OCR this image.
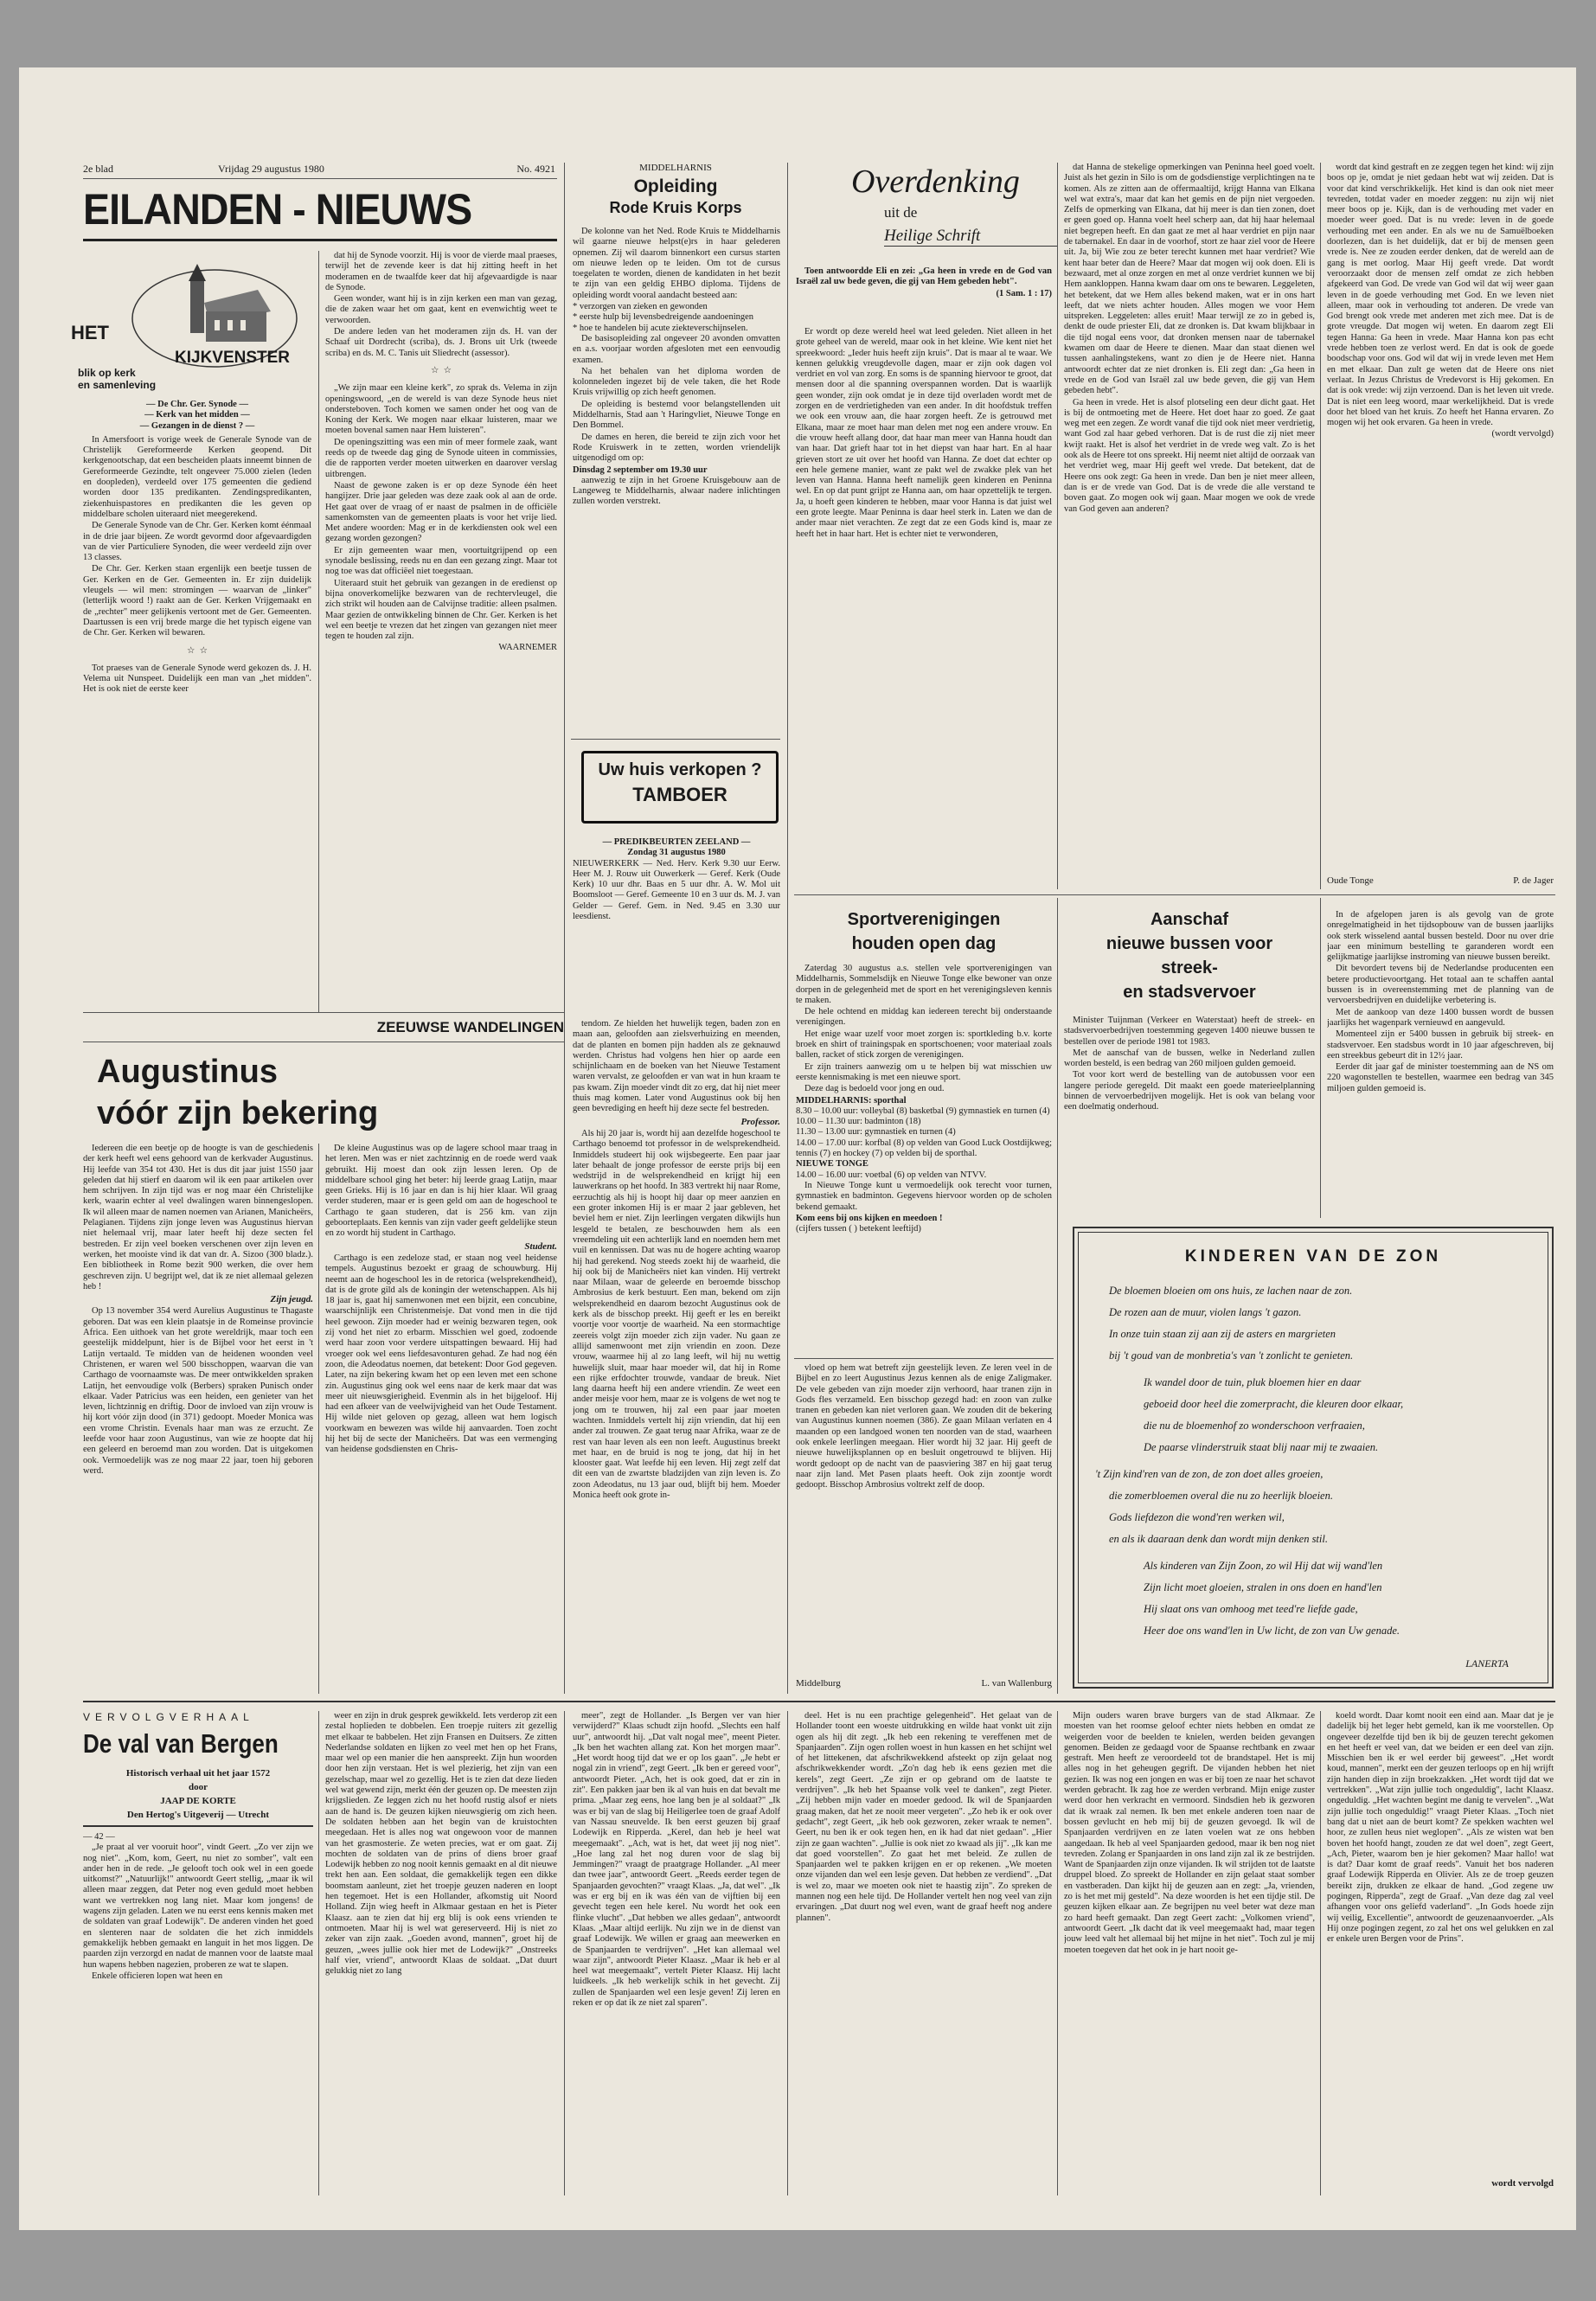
2e blad	Vrijdag 29 augustus 1980	No. 4921
EILANDEN - NIEUWS
HET
KIJKVENSTER
blik op kerk
en samenleving
— De Chr. Ger. Synode —
— Kerk van het midden —
— Gezangen in de dienst ? —

In Amersfoort is vorige week de Generale Synode van de Christelijk Gereformeerde Kerken geopend. Dit kerkgenootschap, dat een bescheiden plaats inneemt binnen de Gereformeerde Gezindte, telt ongeveer 75.000 zielen (leden en doopleden), verdeeld over 175 gemeenten die gediend worden door 135 predikanten. Zendingspredikanten, ziekenhuispastores en predikanten die les geven op middelbare scholen uiteraard niet meegerekend.

De Generale Synode van de Chr. Ger. Kerken komt éénmaal in de drie jaar bijeen. Ze wordt gevormd door afgevaardigden van de vier Particuliere Synoden, die weer verdeeld zijn over 13 classes.

De Chr. Ger. Kerken staan ergenlijk een beetje tussen de Ger. Kerken en de Ger. Gemeenten in. Er zijn duidelijk vleugels — wil men: stromingen — waarvan de „linker" (letterlijk woord !) raakt aan de Ger. Kerken Vrijgemaakt en de „rechter" meer gelijkenis vertoont met de Ger. Gemeenten. Daartussen is een vrij brede marge die het typisch eigene van de Chr. Ger. Kerken wil bewaren.

☆  ☆

Tot praeses van de Generale Synode werd gekozen ds. J. H. Velema uit Nunspeet. Duidelijk een man van „het midden". Het is ook niet de eerste keer

dat hij de Synode voorzit. Hij is voor de vierde maal praeses, terwijl het de zevende keer is dat hij zitting heeft in het moderamen en de twaalfde keer dat hij afgevaardigde is naar de Synode.

Geen wonder, want hij is in zijn kerken een man van gezag, die de zaken waar het om gaat, kent en evenwichtig weet te verwoorden.

De andere leden van het moderamen zijn ds. H. van der Schaaf uit Dordrecht (scriba), ds. J. Brons uit Urk (tweede scriba) en ds. M. C. Tanis uit Sliedrecht (assessor).

☆  ☆

„We zijn maar een kleine kerk", zo sprak ds. Velema in zijn openingswoord, „en de wereld is van deze Synode heus niet ondersteboven. Toch komen we samen onder het oog van de Koning der Kerk. We mogen naar elkaar luisteren, maar we moeten bovenal samen naar Hem luisteren".

De openingszitting was een min of meer formele zaak, want reeds op de tweede dag ging de Synode uiteen in commissies, die de rapporten verder moeten uitwerken en daarover verslag uitbrengen.

Naast de gewone zaken is er op deze Synode één heet hangijzer. Drie jaar geleden was deze zaak ook al aan de orde. Het gaat over de vraag of er naast de psalmen in de officiële samenkomsten van de gemeenten plaats is voor het vrije lied. Met andere woorden: Mag er in de kerkdiensten ook wel een gezang worden gezongen?

Er zijn gemeenten waar men, voortuitgrijpend op een synodale beslissing, reeds nu en dan een gezang zingt. Maar tot nog toe was dat officiëel niet toegestaan.

Uiteraard stuit het gebruik van gezangen in de eredienst op bijna onoverkomelijke bezwaren van de rechtervleugel, die zich strikt wil houden aan de Calvijnse traditie: alleen psalmen. Maar gezien de ontwikkeling binnen de Chr. Ger. Kerken is het wel een beetje te vrezen dat het zingen van gezangen niet meer tegen te houden zal zijn.

WAARNEMER
MIDDELHARNIS
Opleiding
Rode Kruis Korps

De kolonne van het Ned. Rode Kruis te Middelharnis wil gaarne nieuwe helpst(e)rs in haar gelederen opnemen. Zij wil daarom binnenkort een cursus starten om nieuwe leden op te leiden. Om tot de cursus toegelaten te worden, dienen de kandidaten in het bezit te zijn van een geldig EHBO diploma. Tijdens de opleiding wordt vooral aandacht besteed aan:

* verzorgen van zieken en gewonden
* eerste hulp bij levensbedreigende aandoeningen
* hoe te handelen bij acute ziekteverschijnselen.

De basisopleiding zal ongeveer 20 avonden omvatten en a.s. voorjaar worden afgesloten met een eenvoudig examen.

Na het behalen van het diploma worden de kolonneleden ingezet bij de vele taken, die het Rode Kruis vrijwillig op zich heeft genomen.

De opleiding is bestemd voor belangstellenden uit Middelharnis, Stad aan 't Haringvliet, Nieuwe Tonge en Den Bommel.

De dames en heren, die bereid te zijn zich voor het Rode Kruiswerk in te zetten, worden vriendelijk uitgenodigd om op:

Dinsdag 2 september om 19.30 uur

aanwezig te zijn in het Groene Kruisgebouw aan de Langeweg te Middelharnis, alwaar nadere inlichtingen zullen worden verstrekt.

Uw huis verkopen ?
TAMBOER
— PREDIKBEURTEN ZEELAND —
Zondag 31 augustus 1980

NIEUWERKERK — Ned. Herv. Kerk 9.30 uur Eerw. Heer M. J. Rouw uit Ouwerkerk — Geref. Kerk (Oude Kerk) 10 uur dhr. Baas en 5 uur dhr. A. W. Mol uit Boomsloot — Geref. Gemeente 10 en 3 uur ds. M. J. van Gelder — Geref. Gem. in Ned. 9.45 en 3.30 uur leesdienst.

Overdenking
uit de
Heilige Schrift

Toen antwoordde Eli en zei: „Ga heen in vrede en de God van Israël zal uw bede geven, die gij van Hem gebeden hebt".

(1 Sam. 1 : 17)

Er wordt op deze wereld heel wat leed geleden. Niet alleen in het grote geheel van de wereld, maar ook in het kleine. Wie kent niet het spreekwoord: „Ieder huis heeft zijn kruis". Dat is maar al te waar. We kennen gelukkig vreugdevolle dagen, maar er zijn ook dagen vol verdriet en vol van zorg. En soms is de spanning hiervoor te groot, dat mensen door al die spanning overspannen worden. Dat is waarlijk geen wonder, zijn ook omdat je in deze tijd overladen wordt met de zorgen en de verdrietigheden van een ander. In dit hoofdstuk treffen we ook een vrouw aan, die haar zorgen heeft. Ze is getrouwd met Elkana, maar ze moet haar man delen met nog een andere vrouw. En die vrouw heeft allang door, dat haar man meer van Hanna houdt dan van haar. Dat grieft haar tot in het diepst van haar hart. En al haar grieven stort ze uit over het hoofd van Hanna. Ze doet dat echter op een hele gemene manier, want ze pakt wel de zwakke plek van het leven van Hanna. Hanna heeft namelijk geen kinderen en Peninna wel. En op dat punt grijpt ze Hanna aan, om haar opzettelijk te tergen. Ja, u hoeft geen kinderen te hebben, maar voor Hanna is dat juist wel een grote leegte. Maar Peninna is daar heel sterk in. Laten we dan de ander maar niet verachten. Ze zegt dat ze een Gods kind is, maar ze heeft het in haar hart. Het is echter niet te verwonderen,

dat Hanna de stekelige opmerkingen van Peninna heel goed voelt. Juist als het gezin in Silo is om de godsdienstige verplichtingen na te komen. Als ze zitten aan de offermaaltijd, krijgt Hanna van Elkana wel wat extra's, maar dat kan het gemis en de pijn niet vergoeden. Zelfs de opmerking van Elkana, dat hij meer is dan tien zonen, doet er geen goed op. Hanna voelt heel scherp aan, dat hij haar helemaal niet begrepen heeft. En dan gaat ze met al haar verdriet en pijn naar de tabernakel. En daar in de voorhof, stort ze haar ziel voor de Heere uit. Ja, bij Wie zou ze beter terecht kunnen met haar verdriet? Wie kent haar beter dan de Heere? Maar dat mogen wij ook doen. Eli is bezwaard, met al onze zorgen en met al onze verdriet kunnen we bij Hem aankloppen. Hanna kwam daar om ons te bewaren. Leggeleten, het betekent, dat we Hem alles bekend maken, wat er in ons hart leeft, dat we niets achter houden. Alles mogen we voor Hem uitspreken. Leggeleten: alles eruit! Maar terwijl ze zo in gebed is, denkt de oude priester Eli, dat ze dronken is. Dat kwam blijkbaar in die tijd nogal eens voor, dat dronken mensen naar de tabernakel kwamen om daar de Heere te dienen. Maar dan staat dienen wel tussen aanhalingstekens, want zo dien je de Heere niet. Hanna antwoordt echter dat ze niet dronken is. Eli zegt dan: „Ga heen in vrede en de God van Israël zal uw bede geven, die gij van Hem gebeden hebt".

Ga heen in vrede. Het is alsof plotseling een deur dicht gaat. Het is bij de ontmoeting met de Heere. Het doet haar zo goed. Ze gaat weg met een zegen. Ze wordt vanaf die tijd ook niet meer verdrietig, want God zal haar gebed verhoren. Dat is de rust die zij niet meer kwijt raakt. Het is alsof het verdriet in de vrede weg valt. Zo is het ook als de Heere tot ons spreekt. Hij neemt niet altijd de oorzaak van het verdriet weg, maar Hij geeft wel vrede. Dat betekent, dat de Heere ons ook zegt: Ga heen in vrede. Dan ben je niet meer alleen, dan is er de vrede van God. Dat is de vrede die alle verstand te boven gaat. Zo mogen ook wij gaan. Maar mogen we ook de vrede van God geven aan anderen?

wordt dat kind gestraft en ze zeggen tegen het kind: wij zijn boos op je, omdat je niet gedaan hebt wat wij zeiden. Dat is voor dat kind verschrikkelijk. Het kind is dan ook niet meer tevreden, totdat vader en moeder zeggen: nu zijn wij niet meer boos op je. Kijk, dan is de verhouding met vader en moeder weer goed. Dat is nu vrede: leven in de goede verhouding met een ander. En als we nu de Samuëlboeken doorlezen, dan is het duidelijk, dat er bij de mensen geen vrede is. Nee ze zouden eerder denken, dat de wereld aan de gang is met oorlog. Maar Hij geeft vrede. Dat wordt veroorzaakt door de mensen zelf omdat ze zich hebben afgekeerd van God. De vrede van God wil dat wij weer gaan leven in de goede verhouding met God. En we leven niet alleen, maar ook in verhouding tot anderen. De vrede van God brengt ook vrede met anderen met zich mee. Dat is de grote vreugde. Dat mogen wij weten. En daarom zegt Eli tegen Hanna: Ga heen in vrede. Maar Hanna kon pas echt vrede hebben toen ze verlost werd. En dat is ook de goede boodschap voor ons. God wil dat wij in vrede leven met Hem en met elkaar. Dan zult ge weten dat de Heere ons niet verlaat. In Jezus Christus de Vredevorst is Hij gekomen. En dat is ook vrede: wij zijn verzoend. Dan is het leven uit vrede. Dat is niet een leeg woord, maar werkelijkheid. Dat is vrede door het bloed van het kruis. Zo heeft het Hanna ervaren. Zo mogen wij het ook ervaren. Ga heen in vrede.

(wordt vervolgd)
Oude Tonge	P. de Jager
ZEEUWSE WANDELINGEN
Augustinus
vóór zijn bekering

Iedereen die een beetje op de hoogte is van de geschiedenis der kerk heeft wel eens gehoord van de kerkvader Augustinus. Hij leefde van 354 tot 430. Het is dus dit jaar juist 1550 jaar geleden dat hij stierf en daarom wil ik een paar artikelen over hem schrijven. In zijn tijd was er nog maar één Christelijke kerk, waarin echter al veel dwalingen waren binnengeslopen. Ik wil alleen maar de namen noemen van Arianen, Manicheërs, Pelagianen. Tijdens zijn jonge leven was Augustinus hiervan niet helemaal vrij, maar later heeft hij deze secten fel bestreden. Er zijn veel boeken verschenen over zijn leven en werken, het mooiste vind ik dat van dr. A. Sizoo (300 bladz.). Een bibliotheek in Rome bezit 900 werken, die over hem geschreven zijn. U begrijpt wel, dat ik ze niet allemaal gelezen heb !

Zijn jeugd.

Op 13 november 354 werd Aurelius Augustinus te Thagaste geboren. Dat was een klein plaatsje in de Romeinse provincie Africa. Een uithoek van het grote wereldrijk, maar toch een geestelijk middelpunt, hier is de Bijbel voor het eerst in 't Latijn vertaald. Te midden van de heidenen woonden veel Christenen, er waren wel 500 bisschoppen, waarvan die van Carthago de voornaamste was. De meer ontwikkelden spraken Latijn, het eenvoudige volk (Berbers) spraken Punisch onder elkaar. Vader Patricius was een heiden, een genieter van het leven, lichtzinnig en driftig. Door de invloed van zijn vrouw is hij kort vóór zijn dood (in 371) gedoopt. Moeder Monica was een vrome Christin. Evenals haar man was ze erzucht. Ze leefde voor haar zoon Augustinus, van wie ze hoopte dat hij een geleerd en beroemd man zou worden. Dat is uitgekomen ook. Vermoedelijk was ze nog maar 22 jaar, toen hij geboren werd.

De kleine Augustinus was op de lagere school maar traag in het leren. Men was er niet zachtzinnig en de roede werd vaak gebruikt. Hij moest dan ook zijn lessen leren. Op de middelbare school ging het beter: hij leerde graag Latijn, maar geen Grieks. Hij is 16 jaar en dan is hij hier klaar. Wil graag verder studeren, maar er is geen geld om aan de hogeschool te Carthago te gaan studeren, dat is 256 km. van zijn geboorteplaats. Een kennis van zijn vader geeft geldelijke steun en zo wordt hij student in Carthago.

Student.

Carthago is een zedeloze stad, er staan nog veel heidense tempels. Augustinus bezoekt er graag de schouwburg. Hij neemt aan de hogeschool les in de retorica (welsprekendheid), dat is de grote gild als de koningin der wetenschappen. Als hij 18 jaar is, gaat hij samenwonen met een bijzit, een concubine, waarschijnlijk een Christenmeisje. Dat vond men in die tijd heel gewoon. Zijn moeder had er weinig bezwaren tegen, ook zij vond het niet zo erbarm. Misschien wel goed, zodoende werd haar zoon voor verdere uitspattingen bewaard. Hij had vroeger ook wel eens liefdesavonturen gehad. Ze had nog één zoon, die Adeodatus noemen, dat betekent: Door God gegeven. Later, na zijn bekering kwam het op een leven met een schone zin. Augustinus ging ook wel eens naar de kerk maar dat was meer uit nieuwsgierigheid. Evenmin als in het bijgeloof. Hij had een afkeer van de veelwijvigheid van het Oude Testament. Hij wilde niet geloven op gezag, alleen wat hem logisch voorkwam en bewezen was wilde hij aanvaarden. Toen zocht hij het bij de secte der Manicheërs. Dat was een vermenging van heidense godsdiensten en Chris-

tendom. Ze hielden het huwelijk tegen, baden zon en maan aan, geloofden aan zielsverhuizing en meenden, dat de planten en bomen pijn hadden als ze geknauwd werden. Christus had volgens hen hier op aarde een schijnlichaam en de boeken van het Nieuwe Testament waren vervalst, ze geloofden er van wat in hun kraam te pas kwam. Zijn moeder vindt dit zo erg, dat hij niet meer thuis mag komen. Later vond Augustinus ook bij hen geen bevrediging en heeft hij deze secte fel bestreden.

Professor.

Als hij 20 jaar is, wordt hij aan dezelfde hogeschool te Carthago benoemd tot professor in de welsprekendheid. Inmiddels studeert hij ook wijsbegeerte. Een paar jaar later behaalt de jonge professor de eerste prijs bij een wedstrijd in de welsprekendheid en krijgt hij een lauwerkrans op het hoofd. In 383 vertrekt hij naar Rome, eerzuchtig als hij is hoopt hij daar op meer aanzien en een groter inkomen Hij is er maar 2 jaar gebleven, het beviel hem er niet. Zijn leerlingen vergaten dikwijls hun lesgeld te betalen, ze beschouwden hem als een vreemdeling uit een achterlijk land en noemden hem met vuil en kennissen. Dat was nu de hogere achting waarop hij had gerekend. Nog steeds zoekt hij de waarheid, die hij ook bij de Manicheërs niet kan vinden. Hij vertrekt naar Milaan, waar de geleerde en beroemde bisschop Ambrosius de kerk bestuurt. Een man, bekend om zijn welsprekendheid en daarom bezocht Augustinus ook de kerk als de bisschop preekt. Hij geeft er les en bereikt voortje voor voortje de waarheid. Na een stormachtige zeereis volgt zijn moeder zich zijn vader. Nu gaan ze allijd samenwoont met zijn vriendin en zoon. Deze vrouw, waarmee hij al zo lang leeft, wil hij nu wettig huwelijk sluit, maar haar moeder wil, dat hij in Rome een rijke erfdochter trouwde, vandaar de breuk. Niet lang daarna heeft hij een andere vriendin. Ze weet een ander meisje voor hem, maar ze is volgens de wet nog te jong om te trouwen, hij zal een paar jaar moeten wachten. Inmiddels vertelt hij zijn vriendin, dat hij een ander zal trouwen. Ze gaat terug naar Afrika, waar ze de rest van haar leven als een non leeft. Augustinus breekt met haar, en de bruid is nog te jong, dat hij in het klooster gaat. Wat leefde hij een leven. Hij zegt zelf dat dit een van de zwartste bladzijden van zijn leven is. Zo zoon Adeodatus, nu 13 jaar oud, blijft bij hem. Moeder Monica heeft ook grote in-

vloed op hem wat betreft zijn geestelijk leven. Ze leren veel in de Bijbel en zo leert Augustinus Jezus kennen als de enige Zaligmaker. De vele gebeden van zijn moeder zijn verhoord, haar tranen zijn in Gods fles verzameld. Een bisschop gezegd had: en zoon van zulke tranen en gebeden kan niet verloren gaan. We zouden dit de bekering van Augustinus kunnen noemen (386). Ze gaan Milaan verlaten en 4 maanden op een landgoed wonen ten noorden van de stad, waarheen ook enkele leerlingen meegaan. Hier wordt hij 32 jaar. Hij geeft de nieuwe huwelijksplannen op en besluit ongetrouwd te blijven. Hij wordt gedoopt op de nacht van de paasviering 387 en hij gaat terug naar zijn land. Met Pasen plaats heeft. Ook zijn zoontje wordt gedoopt. Bisschop Ambrosius voltrekt zelf de doop.

Middelburg	L. van Wallenburg
Sportverenigingen
houden open dag

Zaterdag 30 augustus a.s. stellen vele sportverenigingen van Middelharnis, Sommelsdijk en Nieuwe Tonge elke bewoner van onze dorpen in de gelegenheid met de sport en het verenigingsleven kennis te maken.

De hele ochtend en middag kan iedereen terecht bij onderstaande verenigingen.

Het enige waar uzelf voor moet zorgen is: sportkleding b.v. korte broek en shirt of trainingspak en sportschoenen; voor materiaal zoals ballen, racket of stick zorgen de verenigingen.

Er zijn trainers aanwezig om u te helpen bij wat misschien uw eerste kennismaking is met een nieuwe sport.

Deze dag is bedoeld voor jong en oud.

MIDDELHARNIS: sporthal
8.30 – 10.00 uur: volleybal (8) basketbal (9) gymnastiek en turnen (4)
10.00 – 11.30 uur: badminton (18)
11.30 – 13.00 uur: gymnastiek en turnen (4)
14.00 – 17.00 uur: korfbal (8) op velden van Good Luck Oostdijkweg; tennis (7) en hockey (7) op velden bij de sporthal.
NIEUWE TONGE
14.00 – 16.00 uur: voetbal (6) op velden van NTVV.

In Nieuwe Tonge kunt u vermoedelijk ook terecht voor turnen, gymnastiek en badminton. Gegevens hiervoor worden op de scholen bekend gemaakt.

Kom eens bij ons kijken en meedoen !
(cijfers tussen ( ) betekent leeftijd)
Aanschaf
nieuwe bussen voor
streek-
en stadsvervoer

Minister Tuijnman (Verkeer en Waterstaat) heeft de streek- en stadsvervoerbedrijven toestemming gegeven 1400 nieuwe bussen te bestellen over de periode 1981 tot 1983.

Met de aanschaf van de bussen, welke in Nederland zullen worden besteld, is een bedrag van 260 miljoen gulden gemoeid.

Tot voor kort werd de bestelling van de autobussen voor een langere periode geregeld. Dit maakt een goede materieelplanning binnen de vervoerbedrijven mogelijk. Het is ook van belang voor een doelmatig onderhoud.

In de afgelopen jaren is als gevolg van de grote onregelmatigheid in het tijdsopbouw van de bussen jaarlijks ook sterk wisselend aantal bussen besteld. Door nu over drie jaar een minimum bestelling te garanderen wordt een gelijkmatige jaarlijkse instroming van nieuwe bussen bereikt.

Dit bevordert tevens bij de Nederlandse producenten een betere productievoortgang. Het totaal aan te schaffen aantal bussen is in overeenstemming met de planning van de vervoersbedrijven en duidelijke verbetering is.

Met de aankoop van deze 1400 bussen wordt de bussen jaarlijks het wagenpark vernieuwd en aangevuld.

Momenteel zijn er 5400 bussen in gebruik bij streek- en stadsvervoer. Een stadsbus wordt in 10 jaar afgeschreven, bij een streekbus gebeurt dit in 12½ jaar.

Eerder dit jaar gaf de minister toestemming aan de NS om 220 wagonstellen te bestellen, waarmee een bedrag van 345 miljoen gulden gemoeid is.

KINDEREN VAN DE ZON
De bloemen bloeien om ons huis, ze lachen naar de zon.
De rozen aan de muur, violen langs 't gazon.
In onze tuin staan zij aan zij de asters en margrieten
bij 't goud van de monbretia's van 't zonlicht te genieten.
Ik wandel door de tuin, pluk bloemen hier en daar
geboeid door heel die zomerpracht, die kleuren door elkaar,
die nu de bloemenhof zo wonderschoon verfraaien,
De paarse vlinderstruik staat blij naar mij te zwaaien.
't Zijn kind'ren van de zon, de zon doet alles groeien,
die zomerbloemen overal die nu zo heerlijk bloeien.
Gods liefdezon die wond'ren werken wil,
en als ik daaraan denk dan wordt mijn denken stil.
Als kinderen van Zijn Zoon, zo wil Hij dat wij wand'len
Zijn licht moet gloeien, stralen in ons doen en hand'len
Hij slaat ons van omhoog met teed're liefde gade,
Heer doe ons wand'len in Uw licht, de zon van Uw genade.
LANERTA
VERVOLGVERHAAL
De val van Bergen
Historisch verhaal uit het jaar 1572
door
JAAP DE KORTE
Den Hertog's Uitgeverij — Utrecht
— 42 —

„Je praat al ver vooruit hoor", vindt Geert. „Zo ver zijn we nog niet". „Kom, kom, Geert, nu niet zo somber", valt een ander hen in de rede. „Je gelooft toch ook wel in een goede uitkomst?" „Natuurlijk!" antwoordt Geert stellig, „maar ik wil alleen maar zeggen, dat Peter nog even geduld moet hebben want we vertrekken nog lang niet. Maar kom jongens! de wagens zijn geladen. Laten we nu eerst eens kennis maken met de soldaten van graaf Lodewijk". De anderen vinden het goed en slenteren naar de soldaten die het zich inmiddels gemakkelijk hebben gemaakt en languit in het mos liggen. De paarden zijn verzorgd en nadat de mannen voor de laatste maal hun wapens hebben nagezien, proberen ze wat te slapen.

Enkele officieren lopen wat heen en

weer en zijn in druk gesprek gewikkeld. Iets verderop zit een zestal hoplieden te dobbelen. Een troepje ruiters zit gezellig met elkaar te babbelen. Het zijn Fransen en Duitsers. Ze zitten Nederlandse soldaten en lijken zo veel met hen op het Frans, maar wel op een manier die hen aanspreekt. Zijn hun woorden door hen zijn verstaan. Het is wel plezierig, het zijn van een gezelschap, maar wel zo gezellig. Het is te zien dat deze lieden wel wat gewend zijn, merkt één der geuzen op. De meesten zijn krijgslieden. Ze leggen zich nu het hoofd rustig alsof er niets aan de hand is. De geuzen kijken nieuwsgierig om zich heen. De soldaten hebben aan het begin van de kruistochten meegedaan. Het is alles nog wat ongewoon voor de mannen van het grasmosterie. Ze weten precies, wat er om gaat. Zij mochten de soldaten van de prins of diens broer graaf Lodewijk hebben zo nog nooit kennis gemaakt en al dit nieuwe trekt hen aan. Een soldaat, die gemakkelijk tegen een dikke boomstam aanleunt, ziet het troepje geuzen naderen en loopt hen tegemoet. Het is een Hollander, afkomstig uit Noord Holland. Zijn wieg heeft in Alkmaar gestaan en het is Pieter Klaasz. aan te zien dat hij erg blij is ook eens vrienden te ontmoeten. Maar hij is wel wat gereserveerd. Hij is niet zo zeker van zijn zaak. „Goeden avond, mannen", groet hij de geuzen, „wees jullie ook hier met de Lodewijk?" „Onstreeks half vier, vriend", antwoordt Klaas de soldaat. „Dat duurt gelukkig niet zo lang

meer", zegt de Hollander. „Is Bergen ver van hier verwijderd?" Klaas schudt zijn hoofd. „Slechts een half uur", antwoordt hij. „Dat valt nogal mee", meent Pieter. „Ik ben het wachten allang zat. Kon het morgen maar". „Het wordt hoog tijd dat we er op los gaan". „Je hebt er nogal zin in vriend", zegt Geert. „Ik ben er gereed voor", antwoordt Pieter. „Ach, het is ook goed, dat er zin in zit". Een pakken jaar ben ik al van huis en dat bevalt me prima. „Maar zeg eens, hoe lang ben je al soldaat?" „Ik was er bij van de slag bij Heiligerlee toen de graaf Adolf van Nassau sneuvelde. Ik ben eerst geuzen bij graaf Lodewijk en Ripperda. „Kerel, dan heb je heel wat meegemaakt". „Ach, wat is het, dat weet jij nog niet". „Hoe lang zal het nog duren voor de slag bij Jemmingen?" vraagt de praatgrage Hollander. „Al meer dan twee jaar", antwoordt Geert. „Reeds eerder tegen de Spanjaarden gevochten?" vraagt Klaas. „Ja, dat wel". „Ik was er erg bij en ik was één van de vijftien bij een gevecht tegen een hele kerel. Nu wordt het ook een flinke vlucht". „Dat hebben we alles gedaan", antwoordt Klaas. „Maar altijd eerlijk. Nu zijn we in de dienst van graaf Lodewijk. We willen er graag aan meewerken en de Spanjaarden te verdrijven". „Het kan allemaal wel waar zijn", antwoordt Pieter Klaasz. „Maar ik heb er al heel wat meegemaakt", vertelt Pieter Klaasz. Hij lacht luidkeels. „Ik heb werkelijk schik in het gevecht. Zij zullen de Spanjaarden wel een lesje geven! Zij leren en reken er op dat ik ze niet zal sparen".

deel. Het is nu een prachtige gelegenheid". Het gelaat van de Hollander toont een woeste uitdrukking en wilde haat vonkt uit zijn ogen als hij dit zegt. „Ik heb een rekening te vereffenen met de Spanjaarden". Zijn ogen rollen woest in hun kassen en het schijnt wel of het littekenen, dat afschrikwekkend afsteekt op zijn gelaat nog afschrikwekkender wordt. „Zo'n dag heb ik eens gezien met die kerels", zegt Geert. „Ze zijn er op gebrand om de laatste te verdrijven". „Ik heb het Spaanse volk veel te danken", zegt Pieter. „Zij hebben mijn vader en moeder gedood. Ik wil de Spanjaarden graag maken, dat het ze nooit meer vergeten". „Zo heb ik er ook over gedacht", zegt Geert, „ik heb ook gezworen, zeker wraak te nemen". Geert, nu ben ik er ook tegen hen, en ik had dat niet gedaan". „Hier zijn ze gaan wachten". „Jullie is ook niet zo kwaad als jij". „Ik kan me dat goed voorstellen". Zo gaat het met beleid. Ze zullen de Spanjaarden wel te pakken krijgen en er op rekenen. „We moeten onze vijanden dan wel een lesje geven. Dat hebben ze verdiend". „Dat is wel zo, maar we moeten ook niet te haastig zijn". Zo spreken de mannen nog een hele tijd. De Hollander vertelt hen nog veel van zijn ervaringen. „Dat duurt nog wel even, want de graaf heeft nog andere plannen".

Mijn ouders waren brave burgers van de stad Alkmaar. Ze moesten van het roomse geloof echter niets hebben en omdat ze weigerden voor de beelden te knielen, werden beiden gevangen genomen. Beiden ze gedaagd voor de Spaanse rechtbank en zwaar gestraft. Men heeft ze veroordeeld tot de brandstapel. Het is mij alles nog in het geheugen gegrift. De vijanden hebben het niet gezien. Ik was nog een jongen en was er bij toen ze naar het schavot werden gebracht. Ik zag hoe ze werden verbrand. Mijn enige zuster werd door hen verkracht en vermoord. Sindsdien heb ik gezworen dat ik wraak zal nemen. Ik ben met enkele anderen toen naar de bossen gevlucht en heb mij bij de geuzen gevoegd. Ik wil de Spanjaarden verdrijven en ze laten voelen wat ze ons hebben aangedaan. Ik heb al veel Spanjaarden gedood, maar ik ben nog niet tevreden. Zolang er Spanjaarden in ons land zijn zal ik ze bestrijden. Want de Spanjaarden zijn onze vijanden. Ik wil strijden tot de laatste druppel bloed. Zo spreekt de Hollander en zijn gelaat staat somber en vastberaden. Dan kijkt hij de geuzen aan en zegt: „Ja, vrienden, zo is het met mij gesteld". Na deze woorden is het een tijdje stil. De geuzen kijken elkaar aan. Ze begrijpen nu veel beter wat deze man zo hard heeft gemaakt. Dan zegt Geert zacht: „Volkomen vriend", antwoordt Geert. „Ik dacht dat ik veel meegemaakt had, maar tegen jouw leed valt het allemaal bij het mijne in het niet". Toch zul je mij moeten toegeven dat het ook in je hart nooit ge-

koeld wordt. Daar komt nooit een eind aan. Maar dat je je dadelijk bij het leger hebt gemeld, kan ik me voorstellen. Op ongeveer dezelfde tijd ben ik bij de geuzen terecht gekomen en het heeft er veel van, dat we beiden er een deel van zijn. Misschien ben ik er wel eerder bij geweest". „Het wordt koud, mannen", merkt een der geuzen terloops op en hij wrijft zijn handen diep in zijn broekzakken. „Het wordt tijd dat we vertrekken". „Wat zijn jullie toch ongeduldig", lacht Klaasz. ongeduldig. „Het wachten begint me danig te vervelen". „Wat zijn jullie toch ongeduldig!" vraagt Pieter Klaas. „Toch niet bang dat u niet aan de beurt komt? Ze spekken wachten wel hoor, ze zullen heus niet weglopen". „Als ze wisten wat ben boven het hoofd hangt, zouden ze dat wel doen", zegt Geert, „Ach, Pieter, waarom ben je hier gekomen? Maar hallo! wat is dat? Daar komt de graaf reeds". Vanuit het bos naderen graaf Lodewijk Ripperda en Olivier. Als ze de troep geuzen bereikt zijn, drukken ze elkaar de hand. „God zegene uw pogingen, Ripperda", zegt de Graaf. „Van deze dag zal veel afhangen voor ons geliefd vaderland". „In Gods hoede zijn wij veilig, Excellentie", antwoordt de geuzenaanvoerder. „Als Hij onze pogingen zegent, zo zal het ons wel gelukken en zal er enkele uren Bergen voor de Prins".

wordt vervolgd
